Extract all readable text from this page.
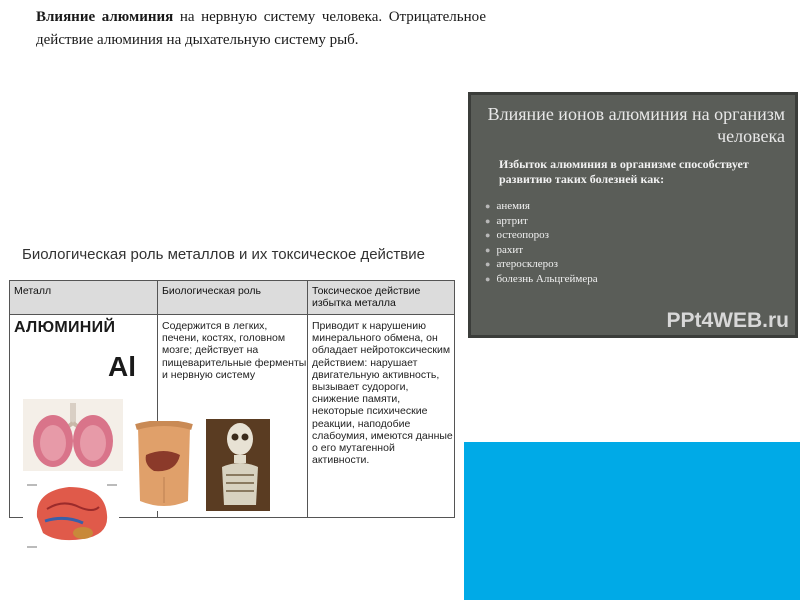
Влияние алюминия на нервную систему человека. Отрицательное действие алюминия на дыхательную систему рыб.
Влияние ионов алюминия на организм человека
Избыток алюминия в организме способствует развитию таких болезней как:
● анемия
● артрит
● остеопороз
● рахит
● атеросклероз
● болезнь Альцгеймера
PPt4WEB.ru
Биологическая роль металлов и их токсическое действие
Металл	Биологическая роль	Токсическое действие избытка металла
АЛЮМИНИЙ
Al
Содержится в легких, печени, костях, головном мозге; действует на пищеварительные ферменты и нервную систему
Приводит к нарушению минерального обмена, он обладает нейротоксическим действием: нарушает двигательную активность, вызывает судороги, снижение памяти, некоторые психические реакции, наподобие слабоумия, имеются данные о его мутагенной активности.
